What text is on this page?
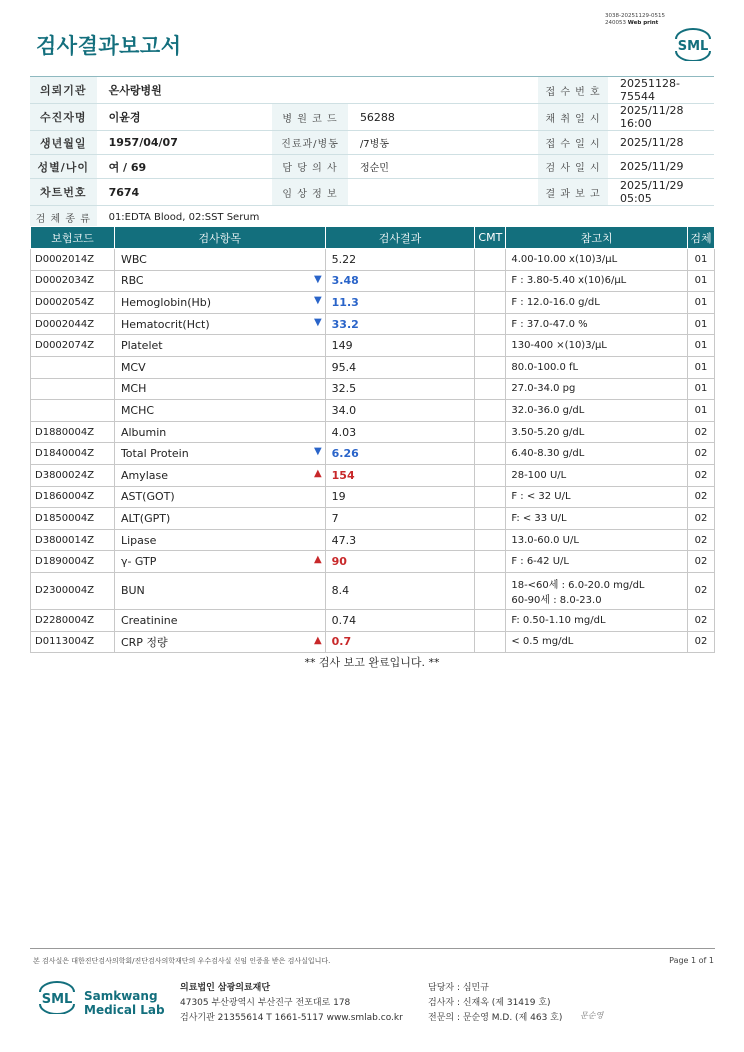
검사결과보고서
3038-20251129-0515
240053 Web print
SML
의뢰기관	온사랑병원				접 수 번 호	20251128-75544
수진자명	이윤경	병 원 코 드	56288		채 취 일 시	2025/11/28 16:00
생년월일	1957/04/07	진료과/병동	/7병동		접 수 일 시	2025/11/28
성별/나이	여 / 69	담 당 의 사	정순민		검 사 일 시	2025/11/29
차트번호	7674	임 상 정 보			결 과 보 고	2025/11/29 05:05
검 체 종 류	01:EDTA Blood, 02:SST Serum					
보험코드	검사항목	검사결과	CMT	참고치	검체
D0002014Z	WBC	5.22		4.00-10.00 x(10)3/μL	01
D0002034Z	RBC ▼	3.48		F : 3.80-5.40 x(10)6/μL	01
D0002054Z	Hemoglobin(Hb) ▼	11.3		F : 12.0-16.0 g/dL	01
D0002044Z	Hematocrit(Hct) ▼	33.2		F : 37.0-47.0 %	01
D0002074Z	Platelet	149		130-400 ×(10)3/μL	01
	MCV	95.4		80.0-100.0 fL	01
	MCH	32.5		27.0-34.0 pg	01
	MCHC	34.0		32.0-36.0 g/dL	01
D1880004Z	Albumin	4.03		3.50-5.20 g/dL	02
D1840004Z	Total Protein ▼	6.26		6.40-8.30 g/dL	02
D3800024Z	Amylase ▲	154		28-100 U/L	02
D1860004Z	AST(GOT)	19		F : < 32 U/L	02
D1850004Z	ALT(GPT)	7		F: < 33 U/L	02
D3800014Z	Lipase	47.3		13.0-60.0 U/L	02
D1890004Z	γ- GTP ▲	90		F : 6-42 U/L	02
D2300004Z	BUN	8.4		18-<60세 : 6.0-20.0 mg/dL
60-90세 : 8.0-23.0	02
D2280004Z	Creatinine	0.74		F: 0.50-1.10 mg/dL	02
D0113004Z	CRP 정량 ▲	0.7		< 0.5 mg/dL	02
** 검사 보고 완료입니다. **
본 검사실은 대한진단검사의학회/진단검사의학재단의 우수검사실 신임 인증을 받은 검사실입니다.	Page 1 of 1
SML Samkwang
Medical Lab
의료법인 삼광의료재단
47305 부산광역시 부산진구 전포대로 178
검사기관 21355614 T 1661-5117 www.smlab.co.kr
담당자 : 심민규
검사자 : 신재옥 (제 31419 호)
전문의 : 문순영 M.D. (제 463 호) 문순영
